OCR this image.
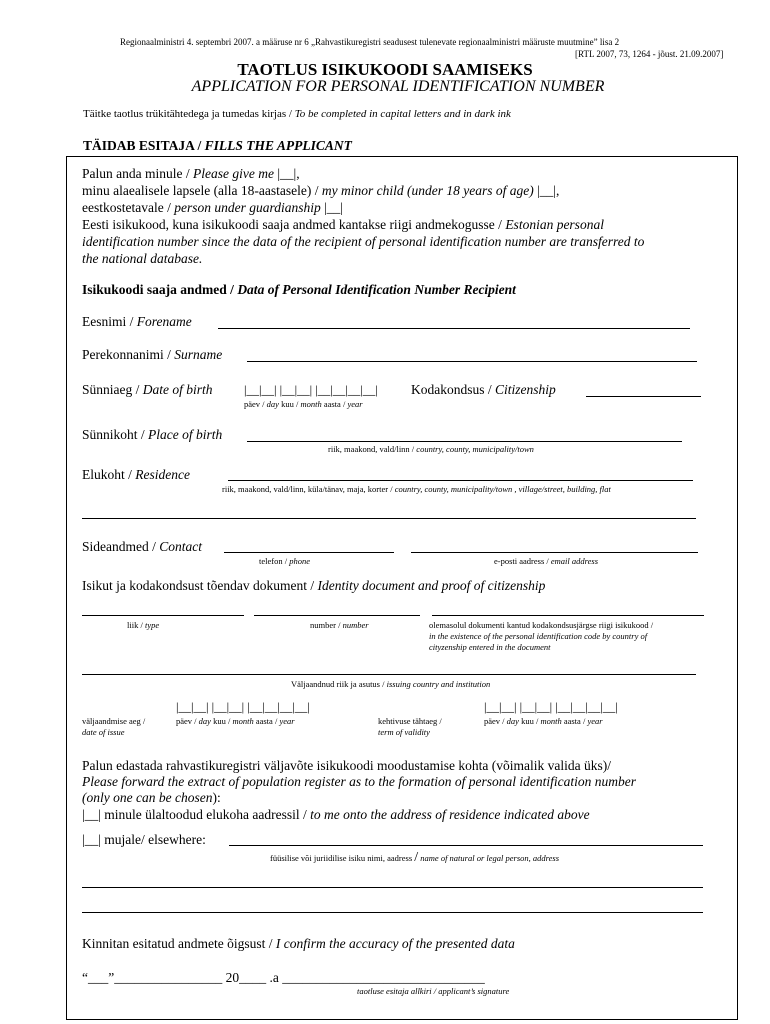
Regionaalministri 4. septembri 2007. a määruse nr 6 „Rahvastikuregistri seadusest tulenevate regionaalministri määruste muutmine” lisa 2
[RTL 2007, 73, 1264 - jõust. 21.09.2007]
TAOTLUS ISIKUKOODI SAAMISEKS
APPLICATION FOR PERSONAL IDENTIFICATION NUMBER
Täitke taotlus trükitähtedega ja tumedas kirjas / To be completed in capital letters and in dark ink
TÄIDAB ESITAJA / FILLS THE APPLICANT
Palun anda minule / Please give me |__|,
minu alaealisele lapsele (alla 18-aastasele) / my minor child (under 18 years of age) |__|,
eestkostetavale / person under guardianship |__|
Eesti isikukood, kuna isikukoodi saaja andmed kantakse riigi andmekogusse / Estonian personal
identification number since the data of the recipient of personal identification number are transferred to
the national database.
Isikukoodi saaja andmed / Data of Personal Identification Number Recipient
Eesnimi / Forename
Perekonnanimi / Surname
Sünniaeg / Date of birth	|__|__| |__|__| |__|__|__|__| Kodakondsus / Citizenship
päev / day kuu / month aasta / year
Sünnikoht / Place of birth
riik, maakond, vald/linn / country, county, municipality/town
Elukoht / Residence
riik, maakond, vald/linn, küla/tänav, maja, korter / country, county, municipality/town , village/street, building, flat
Sideandmed / Contact
telefon / phone	e-posti aadress / email address
Isikut ja kodakondsust tõendav dokument / Identity document and proof of citizenship
liik / type	number / number	olemasolul dokumenti kantud kodakondsusjärgse riigi isikukood /
in the existence of the personal identification code by country of
cityzenship entered in the document
Väljaandnud riik ja asutus / issuing country and institution
|__|__| |__|__| |__|__|__|__|	|__|__| |__|__| |__|__|__|__|
väljaandmise aeg /
date of issue
päev / day kuu / month aasta / year	kehtivuse tähtaeg /
term of validity
päev / day kuu / month aasta / year
Palun edastada rahvastikuregistri väljavõte isikukoodi moodustamise kohta (võimalik valida üks)/
Please forward the extract of population register as to the formation of personal identification number
(only one can be chosen):
|__| minule ülaltoodud elukoha aadressil / to me onto the address of residence indicated above
|__| mujale/ elsewhere:
füüsilise või juriidilise isiku nimi, aadress / name of natural or legal person, address
Kinnitan esitatud andmete õigsust / I confirm the accuracy of the presented data
“___”________________ 20____ .a ______________________________
taotluse esitaja allkiri / applicant’s signature
